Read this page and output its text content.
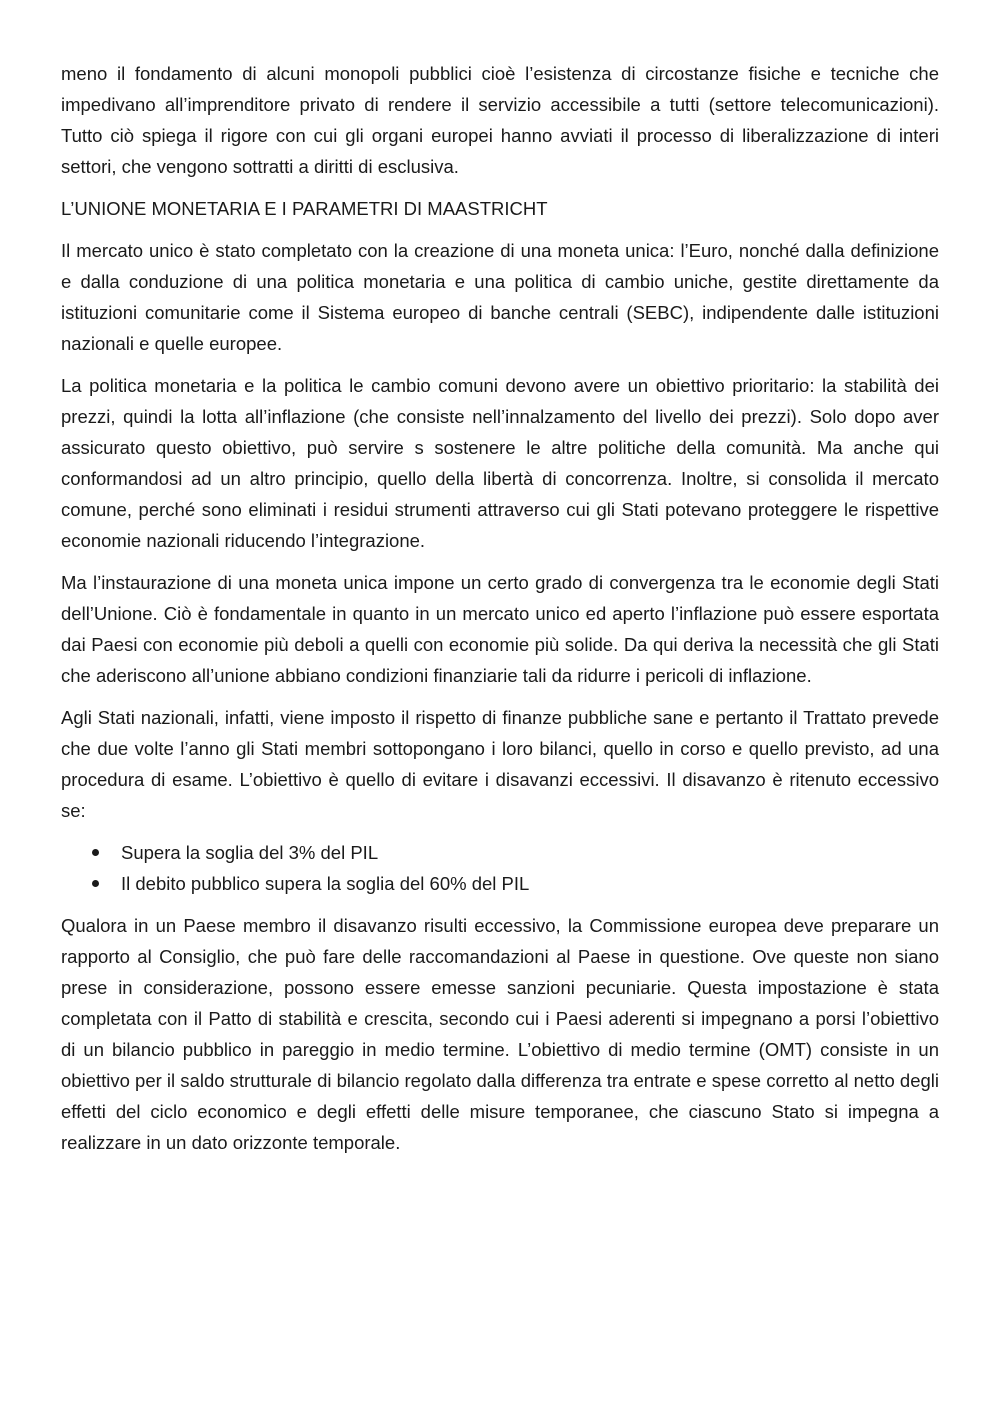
meno il fondamento di alcuni monopoli pubblici cioè l’esistenza di circostanze fisiche e tecniche che impedivano all’imprenditore privato di rendere il servizio accessibile a tutti (settore telecomunicazioni). Tutto ciò spiega il rigore con cui gli organi europei hanno avviati il processo di liberalizzazione di interi settori, che vengono sottratti a diritti di esclusiva.

L’UNIONE MONETARIA E I PARAMETRI DI MAASTRICHT

Il mercato unico è stato completato con la creazione di una moneta unica: l’Euro, nonché dalla definizione e dalla conduzione di una politica monetaria e una politica di cambio uniche, gestite direttamente da istituzioni comunitarie come il Sistema europeo di banche centrali (SEBC), indipendente dalle istituzioni nazionali e quelle europee.

La politica monetaria e la politica le cambio comuni devono avere un obiettivo prioritario: la stabilità dei prezzi, quindi la lotta all’inflazione (che consiste nell’innalzamento del livello dei prezzi). Solo dopo aver assicurato questo obiettivo, può servire s sostenere le altre politiche della comunità. Ma anche qui conformandosi ad un altro principio, quello della libertà di concorrenza. Inoltre, si consolida il mercato comune, perché sono eliminati i residui strumenti attraverso cui gli Stati potevano proteggere le rispettive economie nazionali riducendo l’integrazione.

Ma l’instaurazione di una moneta unica impone un certo grado di convergenza tra le economie degli Stati dell’Unione. Ciò è fondamentale in quanto in un mercato unico ed aperto l’inflazione può essere esportata dai Paesi con economie più deboli a quelli con economie più solide. Da qui deriva la necessità che gli Stati che aderiscono all’unione abbiano condizioni finanziarie tali da ridurre i pericoli di inflazione.

Agli Stati nazionali, infatti, viene imposto il rispetto di finanze pubbliche sane e pertanto il Trattato prevede che due volte l’anno gli Stati membri sottopongano i loro bilanci, quello in corso e quello previsto, ad una procedura di esame. L’obiettivo è quello di evitare i disavanzi eccessivi. Il disavanzo è ritenuto eccessivo se:

Supera la soglia del 3% del PIL
Il debito pubblico supera la soglia del 60% del PIL

Qualora in un Paese membro il disavanzo risulti eccessivo, la Commissione europea deve preparare un rapporto al Consiglio, che può fare delle raccomandazioni al Paese in questione. Ove queste non siano prese in considerazione, possono essere emesse sanzioni pecuniarie. Questa impostazione è stata completata con il Patto di stabilità e crescita, secondo cui i Paesi aderenti si impegnano a porsi l’obiettivo di un bilancio pubblico in pareggio in medio termine. L’obiettivo di medio termine (OMT) consiste in un obiettivo per il saldo strutturale di bilancio regolato dalla differenza tra entrate e spese corretto al netto degli effetti del ciclo economico e degli effetti delle misure temporanee, che ciascuno Stato si impegna a realizzare in un dato orizzonte temporale.
